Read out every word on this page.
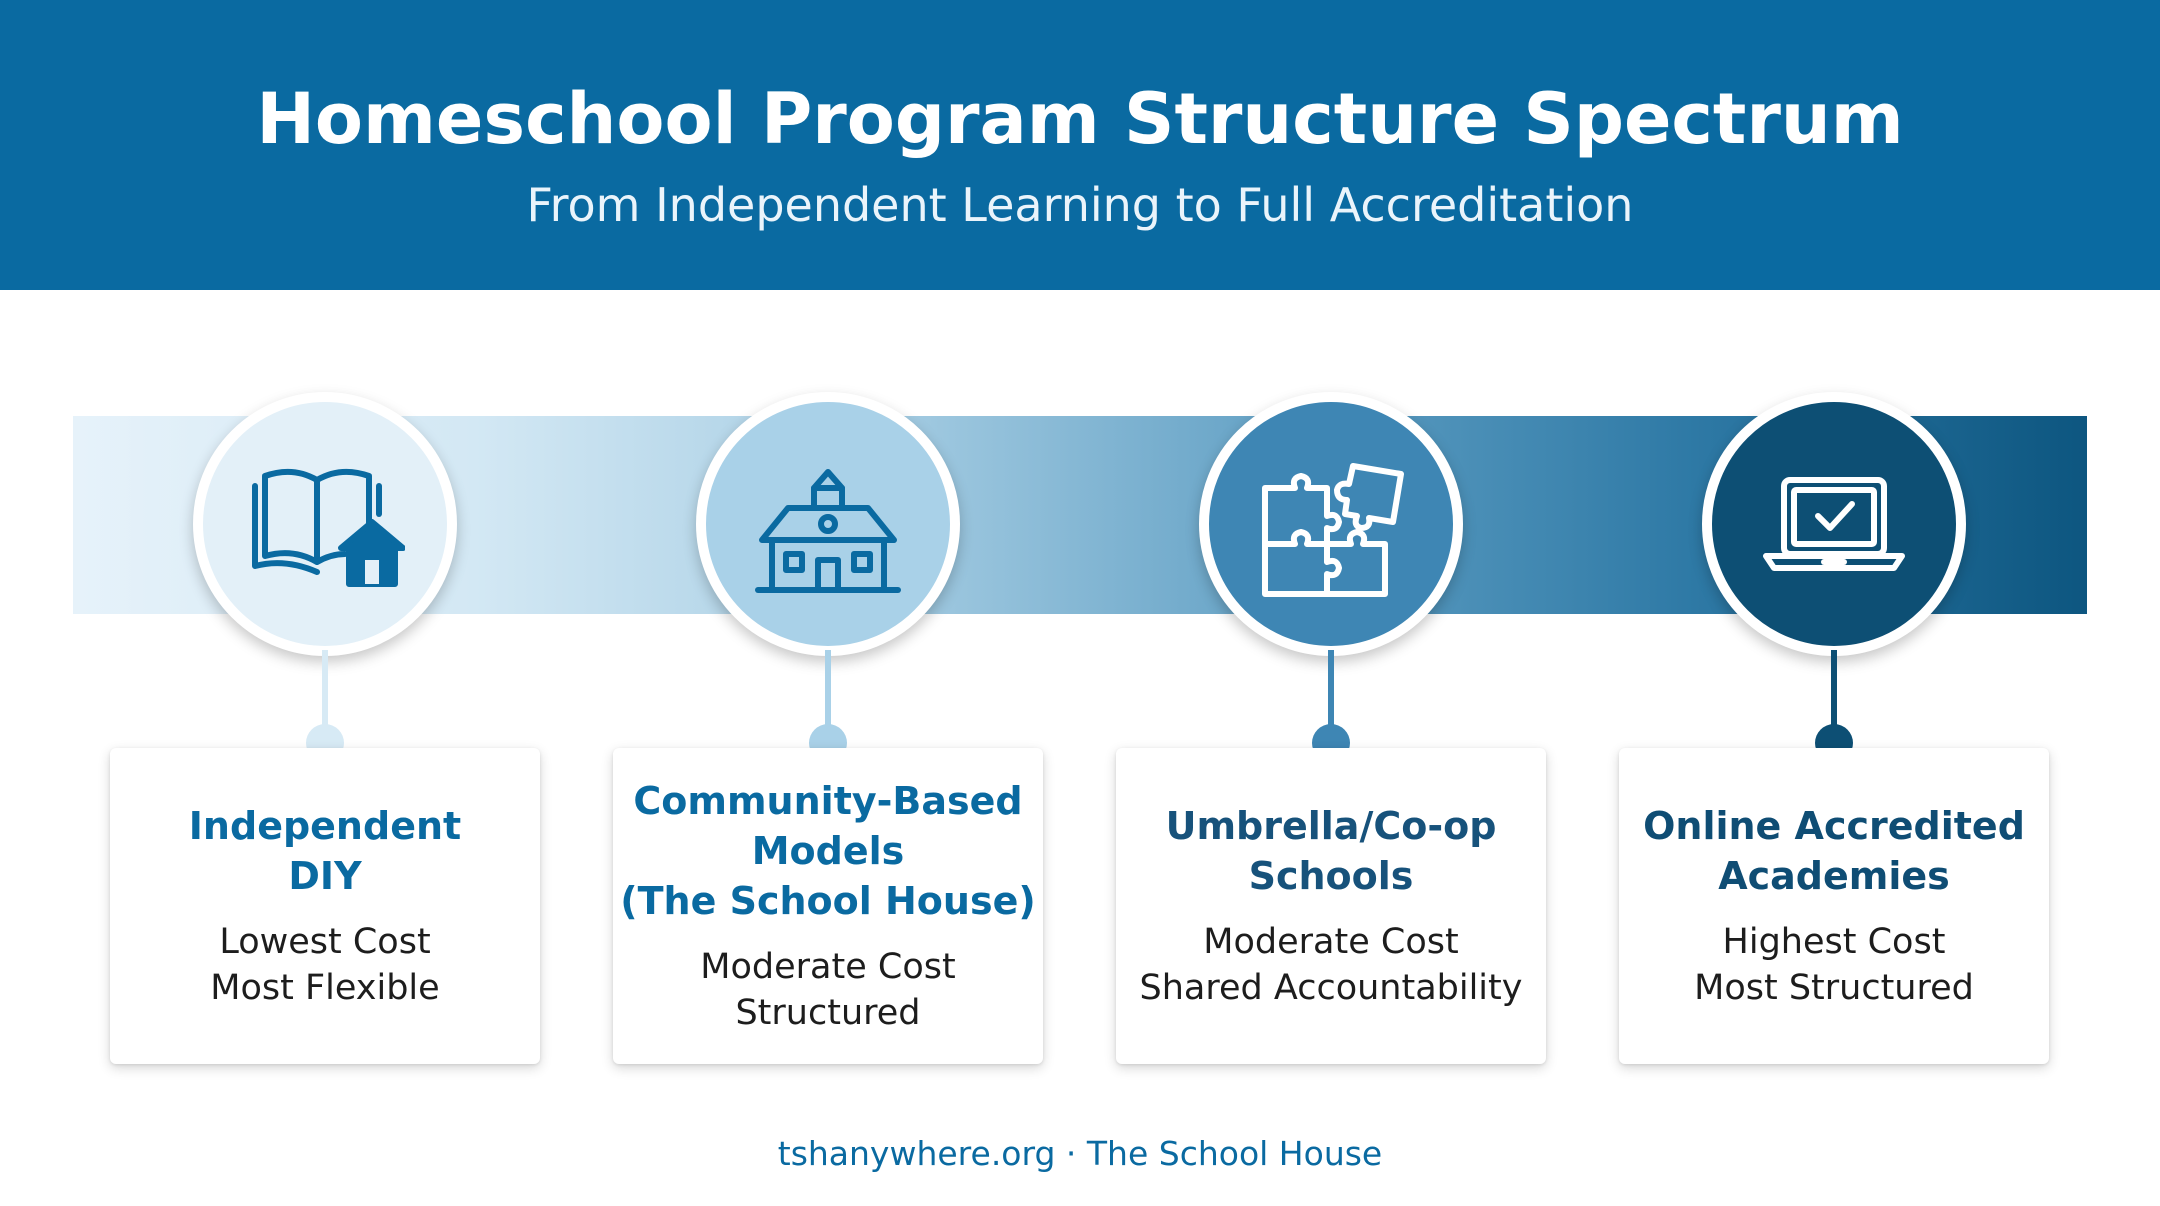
Homeschool Program Structure Spectrum
From Independent Learning to Full Accreditation
Independent
DIY
Lowest Cost
Most Flexible
Community-Based
Models
(The School House)
Moderate Cost
Structured
Umbrella/Co-op
Schools
Moderate Cost
Shared Accountability
Online Accredited
Academies
Highest Cost
Most Structured
tshanywhere.org · The School House
